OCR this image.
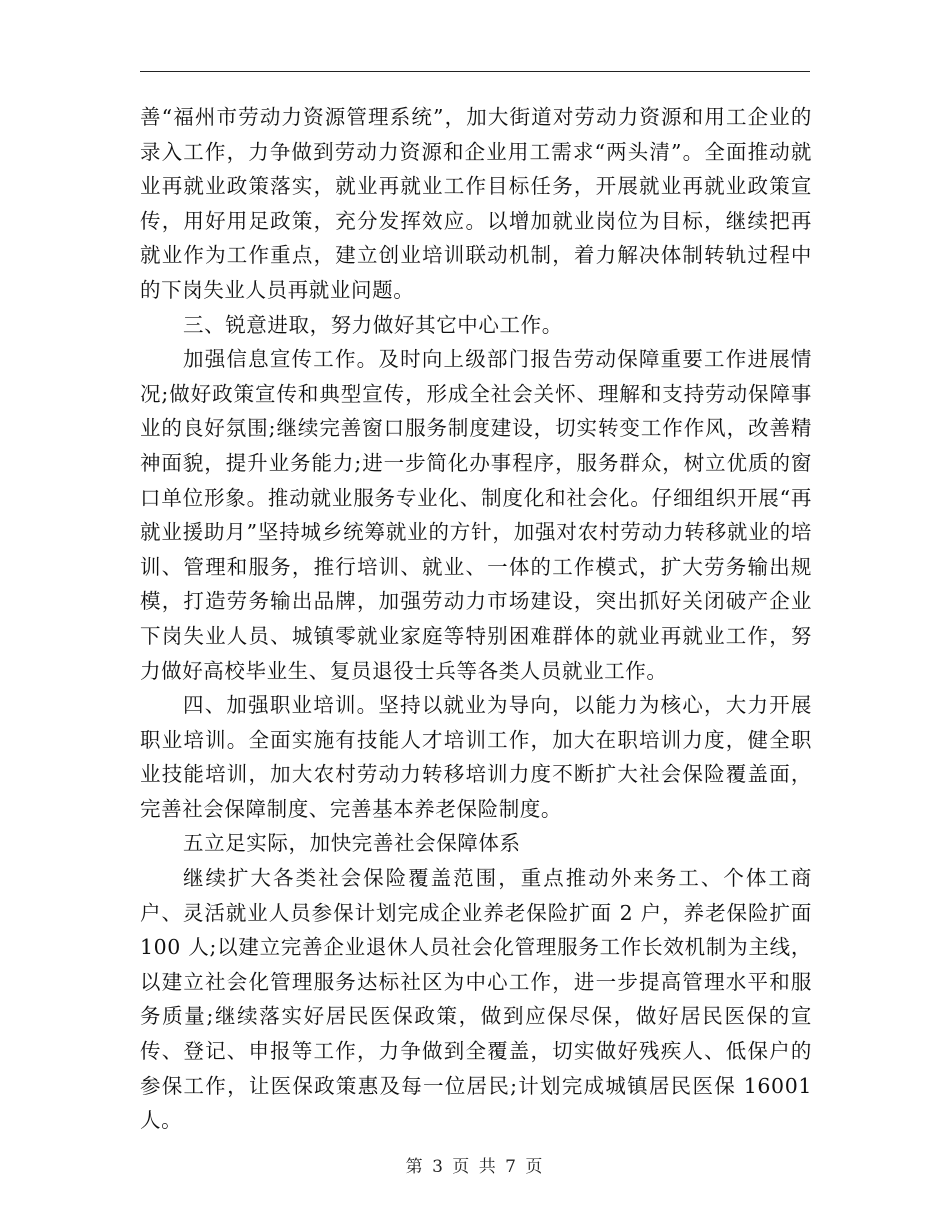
善“福州市劳动力资源管理系统”，加大街道对劳动力资源和用工企业的录入工作，力争做到劳动力资源和企业用工需求“两头清”。全面推动就业再就业政策落实，就业再就业工作目标任务，开展就业再就业政策宣传，用好用足政策，充分发挥效应。以增加就业岗位为目标，继续把再就业作为工作重点，建立创业培训联动机制，着力解决体制转轨过程中的下岗失业人员再就业问题。

三、锐意进取，努力做好其它中心工作。

加强信息宣传工作。及时向上级部门报告劳动保障重要工作进展情况;做好政策宣传和典型宣传，形成全社会关怀、理解和支持劳动保障事业的良好氛围;继续完善窗口服务制度建设，切实转变工作作风，改善精神面貌，提升业务能力;进一步简化办事程序，服务群众，树立优质的窗口单位形象。推动就业服务专业化、制度化和社会化。仔细组织开展“再就业援助月”坚持城乡统筹就业的方针，加强对农村劳动力转移就业的培训、管理和服务，推行培训、就业、一体的工作模式，扩大劳务输出规模，打造劳务输出品牌，加强劳动力市场建设，突出抓好关闭破产企业下岗失业人员、城镇零就业家庭等特别困难群体的就业再就业工作，努力做好高校毕业生、复员退役士兵等各类人员就业工作。

四、加强职业培训。坚持以就业为导向，以能力为核心，大力开展职业培训。全面实施有技能人才培训工作，加大在职培训力度，健全职业技能培训，加大农村劳动力转移培训力度不断扩大社会保险覆盖面，完善社会保障制度、完善基本养老保险制度。

五立足实际，加快完善社会保障体系

继续扩大各类社会保险覆盖范围，重点推动外来务工、个体工商户、灵活就业人员参保计划完成企业养老保险扩面 2 户，养老保险扩面 100 人;以建立完善企业退休人员社会化管理服务工作长效机制为主线，以建立社会化管理服务达标社区为中心工作，进一步提高管理水平和服务质量;继续落实好居民医保政策，做到应保尽保，做好居民医保的宣传、登记、申报等工作，力争做到全覆盖，切实做好残疾人、低保户的参保工作，让医保政策惠及每一位居民;计划完成城镇居民医保 16001 人。

第 3 页 共 7 页
